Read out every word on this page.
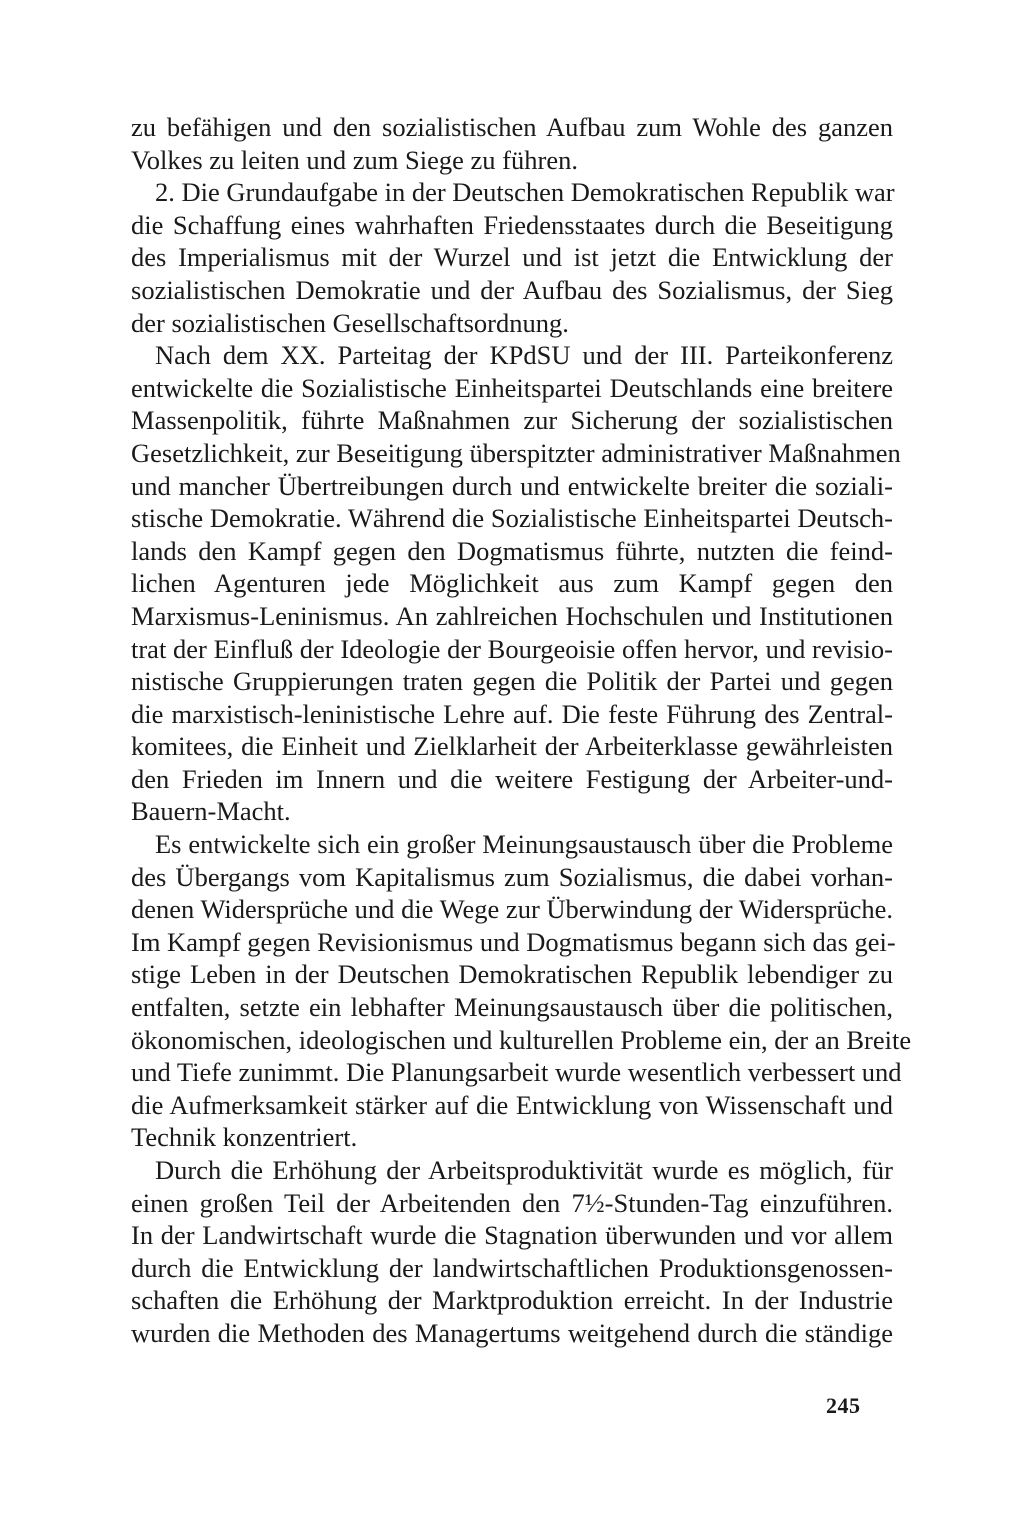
zu befähigen und den sozialistischen Aufbau zum Wohle des ganzen
Volkes zu leiten und zum Siege zu führen.
2. Die Grundaufgabe in der Deutschen Demokratischen Republik war
die Schaffung eines wahrhaften Friedensstaates durch die Beseitigung
des Imperialismus mit der Wurzel und ist jetzt die Entwicklung der
sozialistischen Demokratie und der Aufbau des Sozialismus, der Sieg
der sozialistischen Gesellschaftsordnung.
Nach dem XX. Parteitag der KPdSU und der III. Parteikonferenz
entwickelte die Sozialistische Einheitspartei Deutschlands eine breitere
Massenpolitik, führte Maßnahmen zur Sicherung der sozialistischen
Gesetzlichkeit, zur Beseitigung überspitzter administrativer Maßnahmen
und mancher Übertreibungen durch und entwickelte breiter die soziali-
stische Demokratie. Während die Sozialistische Einheitspartei Deutsch-
lands den Kampf gegen den Dogmatismus führte, nutzten die feind-
lichen Agenturen jede Möglichkeit aus zum Kampf gegen den
Marxismus-Leninismus. An zahlreichen Hochschulen und Institutionen
trat der Einfluß der Ideologie der Bourgeoisie offen hervor, und revisio-
nistische Gruppierungen traten gegen die Politik der Partei und gegen
die marxistisch-leninistische Lehre auf. Die feste Führung des Zentral-
komitees, die Einheit und Zielklarheit der Arbeiterklasse gewährleisten
den Frieden im Innern und die weitere Festigung der Arbeiter-und-
Bauern-Macht.
Es entwickelte sich ein großer Meinungsaustausch über die Probleme
des Übergangs vom Kapitalismus zum Sozialismus, die dabei vorhan-
denen Widersprüche und die Wege zur Überwindung der Widersprüche.
Im Kampf gegen Revisionismus und Dogmatismus begann sich das gei-
stige Leben in der Deutschen Demokratischen Republik lebendiger zu
entfalten, setzte ein lebhafter Meinungsaustausch über die politischen,
ökonomischen, ideologischen und kulturellen Probleme ein, der an Breite
und Tiefe zunimmt. Die Planungsarbeit wurde wesentlich verbessert und
die Aufmerksamkeit stärker auf die Entwicklung von Wissenschaft und
Technik konzentriert.
Durch die Erhöhung der Arbeitsproduktivität wurde es möglich, für
einen großen Teil der Arbeitenden den 7½-Stunden-Tag einzuführen.
In der Landwirtschaft wurde die Stagnation überwunden und vor allem
durch die Entwicklung der landwirtschaftlichen Produktionsgenossen-
schaften die Erhöhung der Marktproduktion erreicht. In der Industrie
wurden die Methoden des Managertums weitgehend durch die ständige
245
